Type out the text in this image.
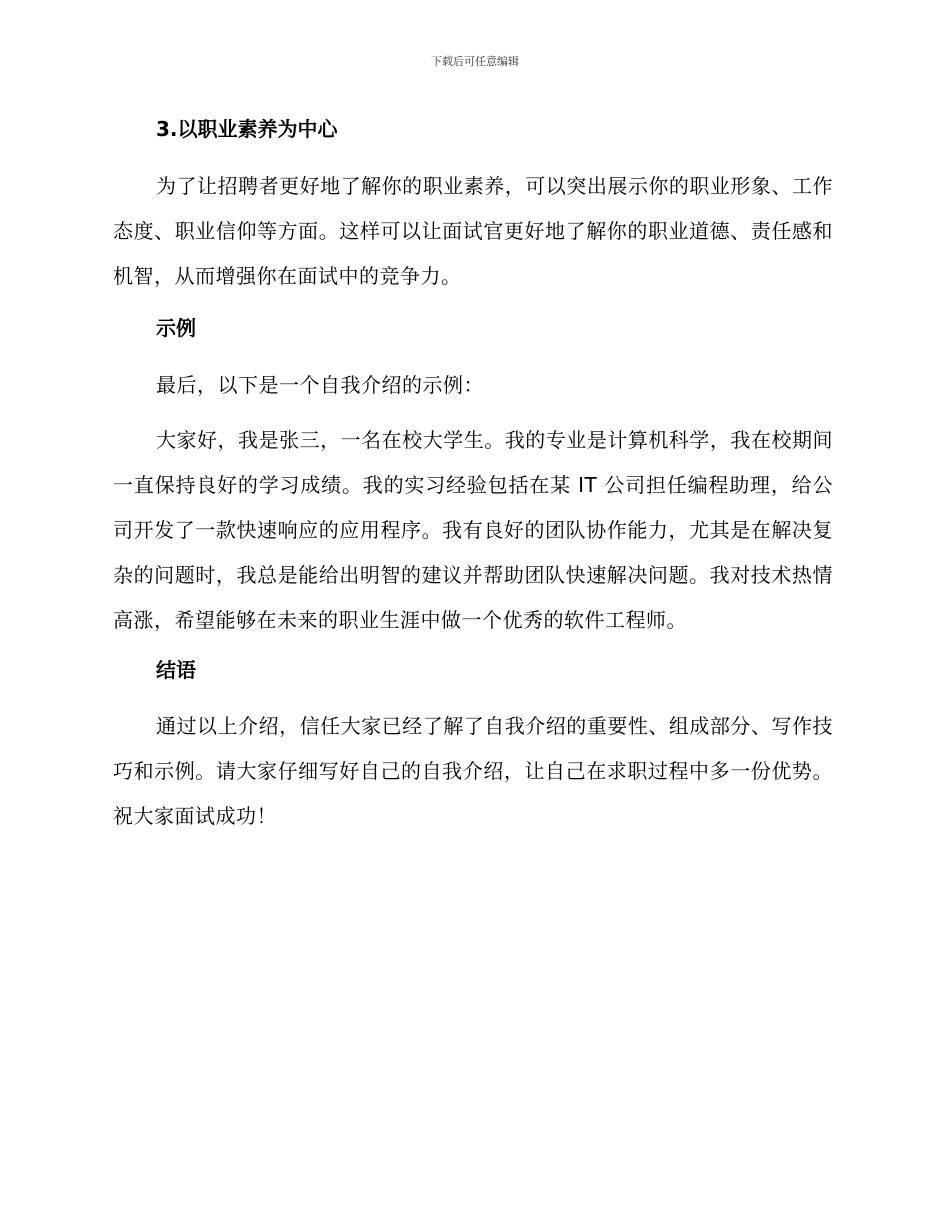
下载后可任意编辑

3.以职业素养为中心

为了让招聘者更好地了解你的职业素养，可以突出展示你的职业形象、工作态度、职业信仰等方面。这样可以让面试官更好地了解你的职业道德、责任感和机智，从而增强你在面试中的竞争力。

示例

最后，以下是一个自我介绍的示例：

大家好，我是张三，一名在校大学生。我的专业是计算机科学，我在校期间一直保持良好的学习成绩。我的实习经验包括在某 IT 公司担任编程助理，给公司开发了一款快速响应的应用程序。我有良好的团队协作能力，尤其是在解决复杂的问题时，我总是能给出明智的建议并帮助团队快速解决问题。我对技术热情高涨，希望能够在未来的职业生涯中做一个优秀的软件工程师。

结语

通过以上介绍，信任大家已经了解了自我介绍的重要性、组成部分、写作技巧和示例。请大家仔细写好自己的自我介绍，让自己在求职过程中多一份优势。祝大家面试成功！
